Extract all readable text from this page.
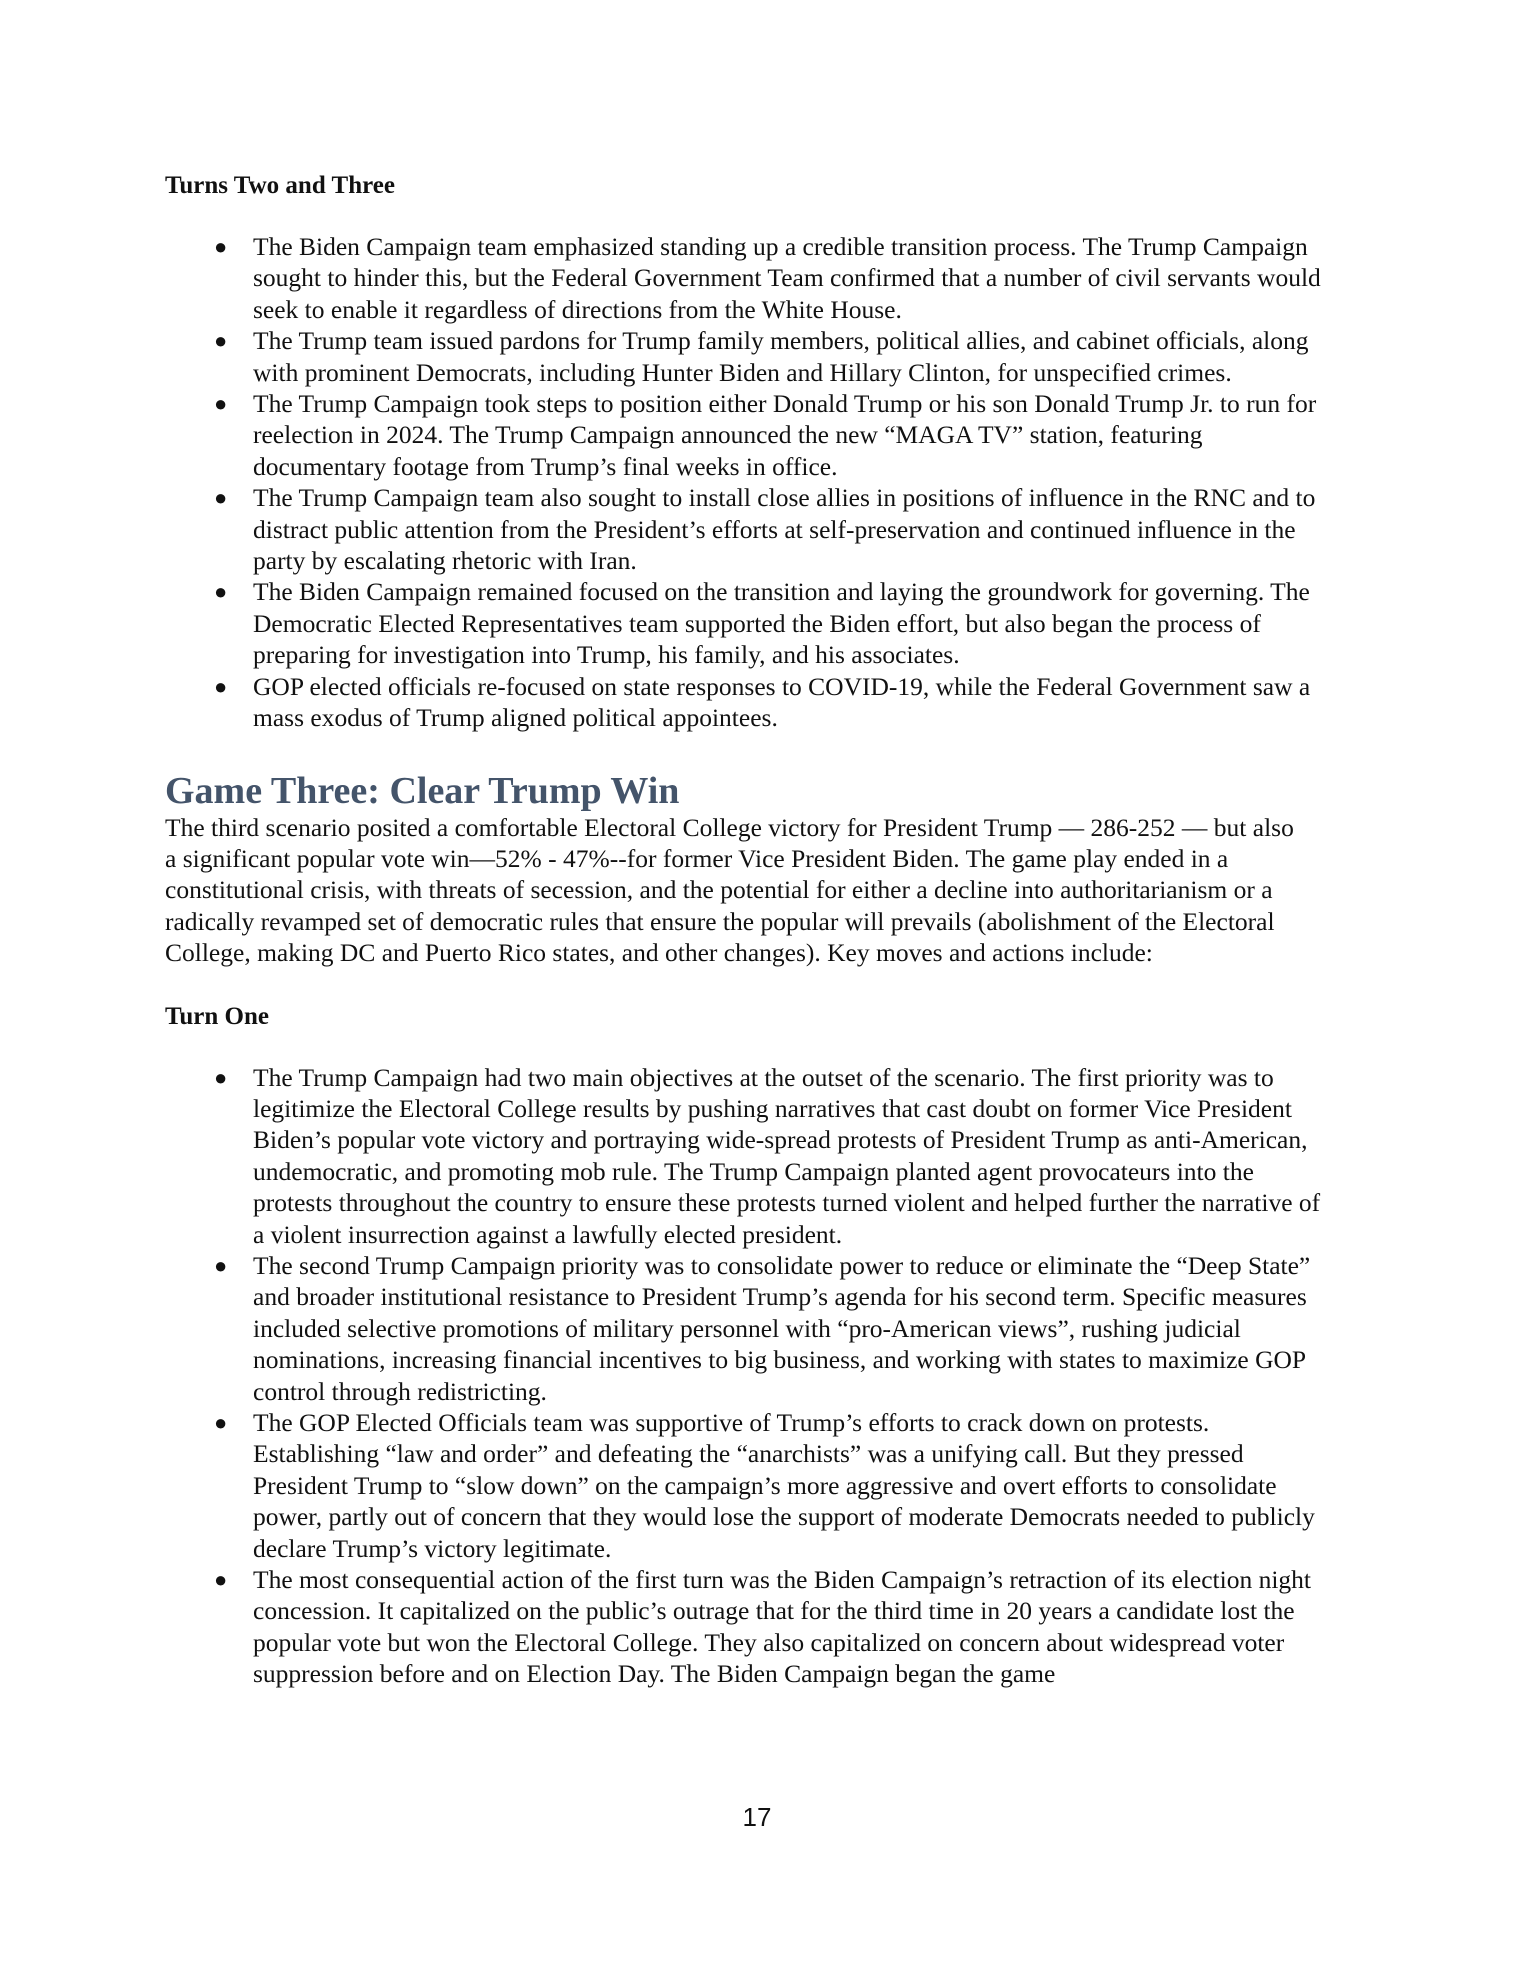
Turns Two and Three

● The Biden Campaign team emphasized standing up a credible transition process. The Trump Campaign sought to hinder this, but the Federal Government Team confirmed that a number of civil servants would seek to enable it regardless of directions from the White House.
● The Trump team issued pardons for Trump family members, political allies, and cabinet officials, along with prominent Democrats, including Hunter Biden and Hillary Clinton, for unspecified crimes.
● The Trump Campaign took steps to position either Donald Trump or his son Donald Trump Jr. to run for reelection in 2024. The Trump Campaign announced the new “MAGA TV” station, featuring documentary footage from Trump’s final weeks in office.
● The Trump Campaign team also sought to install close allies in positions of influence in the RNC and to distract public attention from the President’s efforts at self-preservation and continued influence in the party by escalating rhetoric with Iran.
● The Biden Campaign remained focused on the transition and laying the groundwork for governing. The Democratic Elected Representatives team supported the Biden effort, but also began the process of preparing for investigation into Trump, his family, and his associates.
● GOP elected officials re-focused on state responses to COVID-19, while the Federal Government saw a mass exodus of Trump aligned political appointees.
Game Three: Clear Trump Win

The third scenario posited a comfortable Electoral College victory for President Trump — 286-252 — but also a significant popular vote win—52% - 47%--for former Vice President Biden. The game play ended in a constitutional crisis, with threats of secession, and the potential for either a decline into authoritarianism or a radically revamped set of democratic rules that ensure the popular will prevails (abolishment of the Electoral College, making DC and Puerto Rico states, and other changes). Key moves and actions include:

Turn One

● The Trump Campaign had two main objectives at the outset of the scenario. The first priority was to legitimize the Electoral College results by pushing narratives that cast doubt on former Vice President Biden’s popular vote victory and portraying wide-spread protests of President Trump as anti-American, undemocratic, and promoting mob rule. The Trump Campaign planted agent provocateurs into the protests throughout the country to ensure these protests turned violent and helped further the narrative of a violent insurrection against a lawfully elected president.
● The second Trump Campaign priority was to consolidate power to reduce or eliminate the “Deep State” and broader institutional resistance to President Trump’s agenda for his second term. Specific measures included selective promotions of military personnel with “pro-American views”, rushing judicial nominations, increasing financial incentives to big business, and working with states to maximize GOP control through redistricting.
● The GOP Elected Officials team was supportive of Trump’s efforts to crack down on protests. Establishing “law and order” and defeating the “anarchists” was a unifying call. But they pressed President Trump to “slow down” on the campaign’s more aggressive and overt efforts to consolidate power, partly out of concern that they would lose the support of moderate Democrats needed to publicly declare Trump’s victory legitimate.
● The most consequential action of the first turn was the Biden Campaign’s retraction of its election night concession. It capitalized on the public’s outrage that for the third time in 20 years a candidate lost the popular vote but won the Electoral College. They also capitalized on concern about widespread voter suppression before and on Election Day. The Biden Campaign began the game
17
